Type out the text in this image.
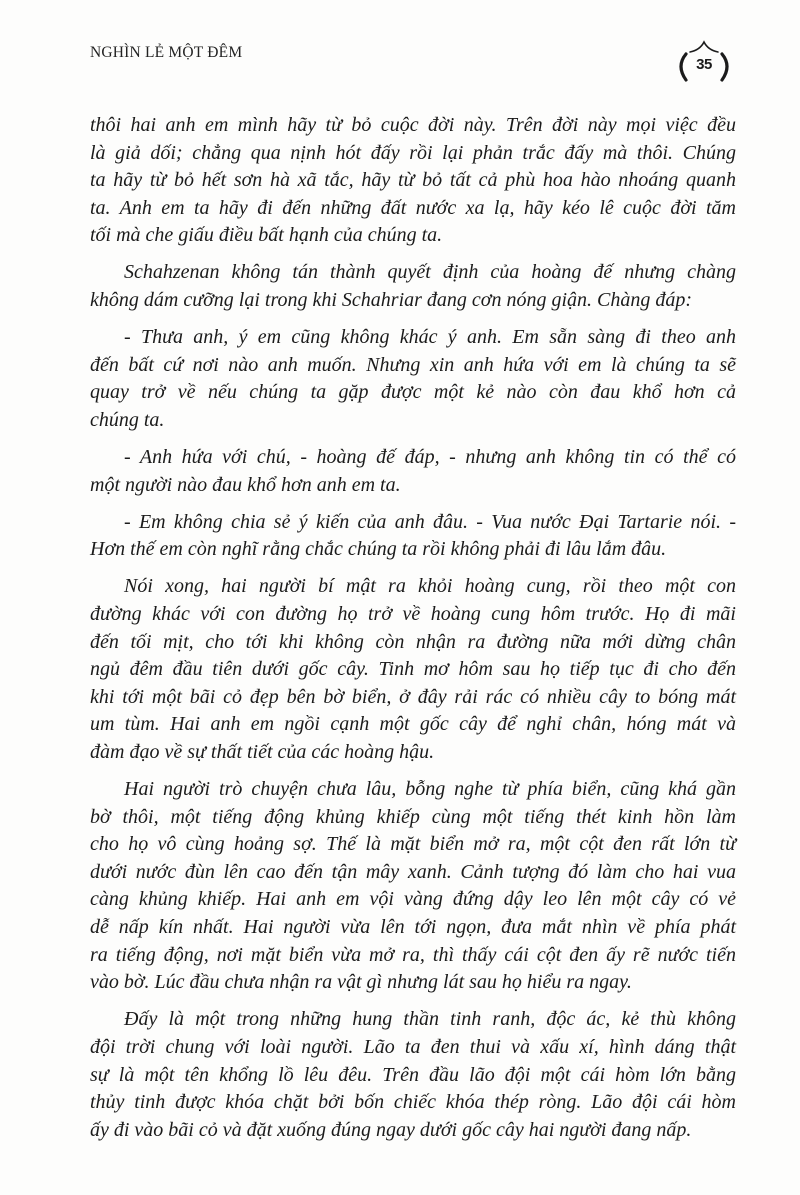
NGHÌN LẺ MỘT ĐÊM
35
thôi hai anh em mình hãy từ bỏ cuộc đời này. Trên đời này mọi việc đều
là giả dối; chẳng qua nịnh hót đấy rồi lại phản trắc đấy mà thôi. Chúng
ta hãy từ bỏ hết sơn hà xã tắc, hãy từ bỏ tất cả phù hoa hào nhoáng quanh
ta. Anh em ta hãy đi đến những đất nước xa lạ, hãy kéo lê cuộc đời tăm
tối mà che giấu điều bất hạnh của chúng ta.
Schahzenan không tán thành quyết định của hoàng đế nhưng chàng
không dám cưỡng lại trong khi Schahriar đang cơn nóng giận. Chàng đáp:
- Thưa anh, ý em cũng không khác ý anh. Em sẵn sàng đi theo anh
đến bất cứ nơi nào anh muốn. Nhưng xin anh hứa với em là chúng ta sẽ
quay trở về nếu chúng ta gặp được một kẻ nào còn đau khổ hơn cả
chúng ta.
- Anh hứa với chú, - hoàng đế đáp, - nhưng anh không tin có thể có
một người nào đau khổ hơn anh em ta.
- Em không chia sẻ ý kiến của anh đâu. - Vua nước Đại Tartarie nói. -
Hơn thế em còn nghĩ rằng chắc chúng ta rồi không phải đi lâu lắm đâu.
Nói xong, hai người bí mật ra khỏi hoàng cung, rồi theo một con
đường khác với con đường họ trở về hoàng cung hôm trước. Họ đi mãi
đến tối mịt, cho tới khi không còn nhận ra đường nữa mới dừng chân
ngủ đêm đầu tiên dưới gốc cây. Tinh mơ hôm sau họ tiếp tục đi cho đến
khi tới một bãi cỏ đẹp bên bờ biển, ở đây rải rác có nhiều cây to bóng mát
um tùm. Hai anh em ngồi cạnh một gốc cây để nghỉ chân, hóng mát và
đàm đạo về sự thất tiết của các hoàng hậu.
Hai người trò chuyện chưa lâu, bỗng nghe từ phía biển, cũng khá gần
bờ thôi, một tiếng động khủng khiếp cùng một tiếng thét kinh hồn làm
cho họ vô cùng hoảng sợ. Thế là mặt biển mở ra, một cột đen rất lớn từ
dưới nước đùn lên cao đến tận mây xanh. Cảnh tượng đó làm cho hai vua
càng khủng khiếp. Hai anh em vội vàng đứng dậy leo lên một cây có vẻ
dễ nấp kín nhất. Hai người vừa lên tới ngọn, đưa mắt nhìn về phía phát
ra tiếng động, nơi mặt biển vừa mở ra, thì thấy cái cột đen ấy rẽ nước tiến
vào bờ. Lúc đầu chưa nhận ra vật gì nhưng lát sau họ hiểu ra ngay.
Đấy là một trong những hung thần tinh ranh, độc ác, kẻ thù không
đội trời chung với loài người. Lão ta đen thui và xấu xí, hình dáng thật
sự là một tên khổng lồ lêu đêu. Trên đầu lão đội một cái hòm lớn bằng
thủy tinh được khóa chặt bởi bốn chiếc khóa thép ròng. Lão đội cái hòm
ấy đi vào bãi cỏ và đặt xuống đúng ngay dưới gốc cây hai người đang nấp.
